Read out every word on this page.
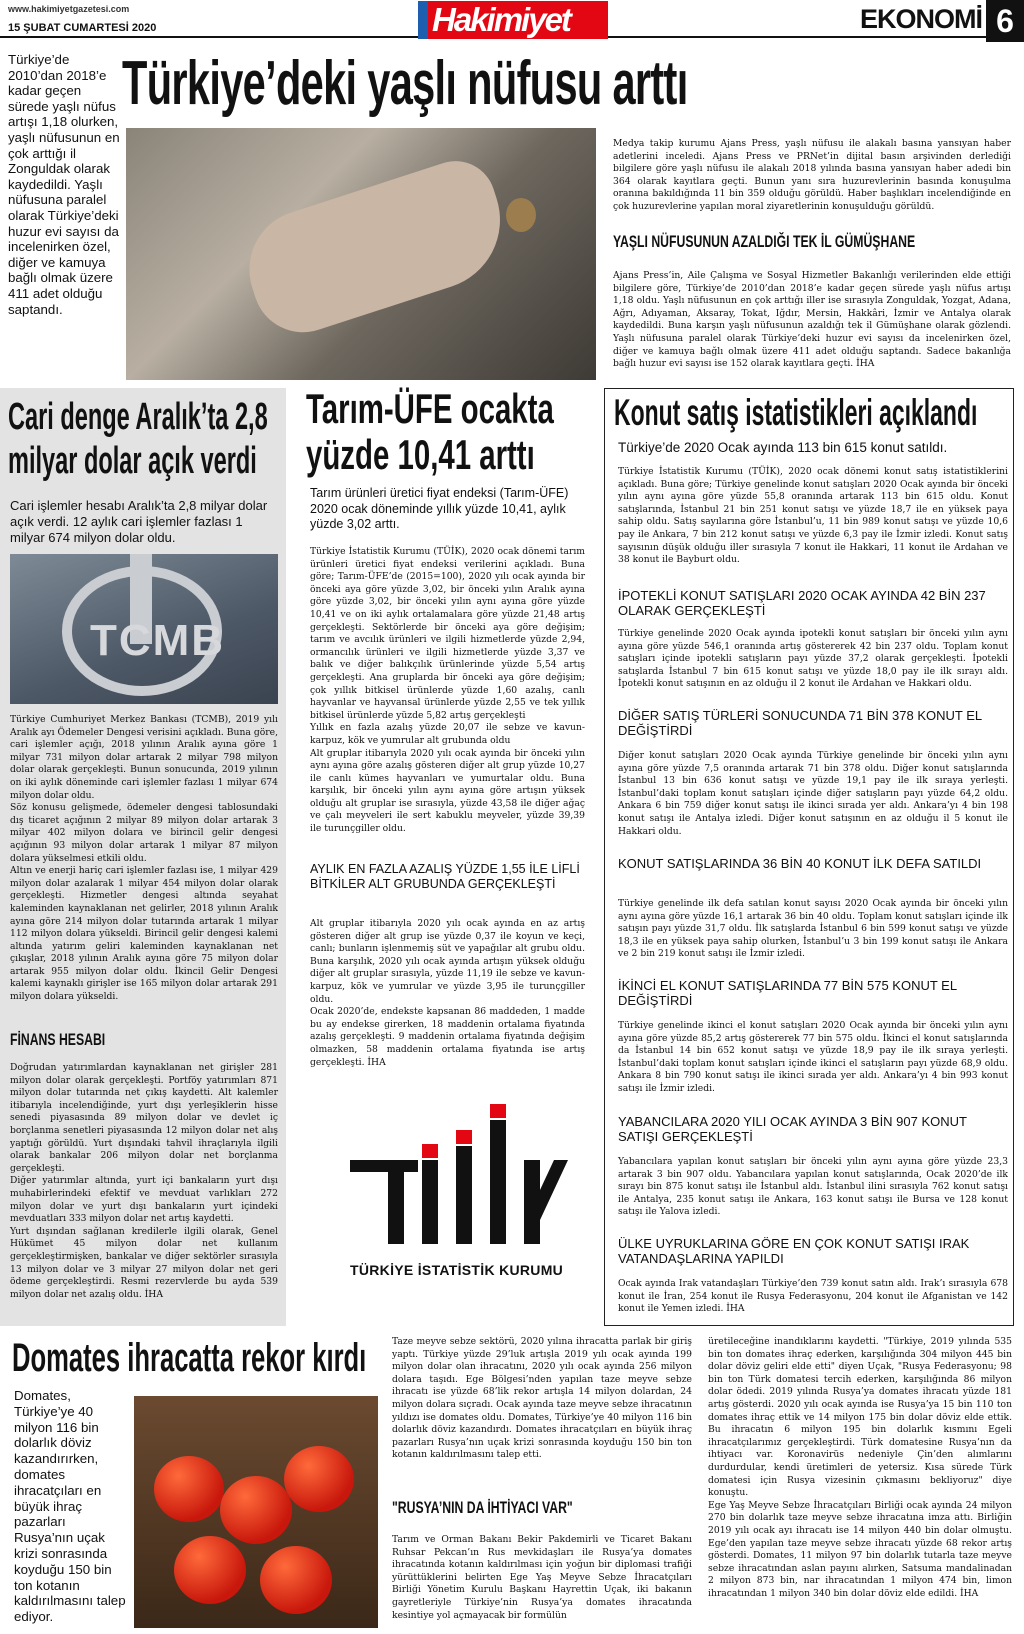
www.hakimiyetgazetesi.com
15 ŞUBAT CUMARTESİ 2020	Hakimiyet	EKONOMİ 6
Türkiye’de 2010’dan 2018’e kadar geçen sürede yaşlı nüfus artışı 1,18 olurken, yaşlı nüfusunun en çok arttığı il Zonguldak olarak kaydedildi. Yaşlı nüfusuna paralel olarak Türkiye’deki huzur evi sayısı da incelenirken özel, diğer ve kamuya bağlı olmak üzere 411 adet olduğu saptandı.
Türkiye’deki yaşlı nüfusu arttı
Medya takip kurumu Ajans Press, yaşlı nüfusu ile alakalı basına yansıyan haber adetlerini inceledi. Ajans Press ve PRNet’in dijital basın arşivinden derlediği bilgilere göre yaşlı nüfusu ile alakalı 2018 yılında basına yansıyan haber adedi bin 364 olarak kayıtlara geçti. Bunun yanı sıra huzurevlerinin basında konuşulma oranına bakıldığında 11 bin 359 olduğu görüldü. Haber başlıkları incelendiğinde en çok huzurevlerine yapılan moral ziyaretlerinin konuşulduğu görüldü.
YAŞLI NÜFUSUNUN AZALDIĞI TEK İL GÜMÜŞHANE
Ajans Press’in, Aile Çalışma ve Sosyal Hizmetler Bakanlığı verilerinden elde ettiği bilgilere göre, Türkiye’de 2010’dan 2018’e kadar geçen sürede yaşlı nüfus artışı 1,18 oldu. Yaşlı nüfusunun en çok arttığı iller ise sırasıyla Zonguldak, Yozgat, Adana, Ağrı, Adıyaman, Aksaray, Tokat, Iğdır, Mersin, Hakkâri, İzmir ve Antalya olarak kaydedildi. Buna karşın yaşlı nüfusunun azaldığı tek il Gümüşhane olarak gözlendi. Yaşlı nüfusuna paralel olarak Türkiye’deki huzur evi sayısı da incelenirken özel, diğer ve kamuya bağlı olmak üzere 411 adet olduğu saptandı. Sadece bakanlığa bağlı huzur evi sayısı ise 152 olarak kayıtlara geçti. İHA
Cari denge Aralık’ta 2,8
milyar dolar açık verdi
Cari işlemler hesabı Aralık’ta 2,8 milyar dolar açık verdi. 12 aylık cari işlemler fazlası 1 milyar 674 milyon dolar oldu.
TCMB
Türkiye Cumhuriyet Merkez Bankası (TCMB), 2019 yılı Aralık ayı Ödemeler Dengesi verisini açıkladı. Buna göre, cari işlemler açığı, 2018 yılının Aralık ayına göre 1 milyar 731 milyon dolar artarak 2 milyar 798 milyon dolar olarak gerçekleşti. Bunun sonucunda, 2019 yılının on iki aylık döneminde cari işlemler fazlası 1 milyar 674 milyon dolar oldu.
Söz konusu gelişmede, ödemeler dengesi tablosundaki dış ticaret açığının 2 milyar 89 milyon dolar artarak 3 milyar 402 milyon dolara ve birincil gelir dengesi açığının 93 milyon dolar artarak 1 milyar 87 milyon dolara yükselmesi etkili oldu.
Altın ve enerji hariç cari işlemler fazlası ise, 1 milyar 429 milyon dolar azalarak 1 milyar 454 milyon dolar olarak gerçekleşti. Hizmetler dengesi altında seyahat kaleminden kaynaklanan net gelirler, 2018 yılının Aralık ayına göre 214 milyon dolar tutarında artarak 1 milyar 112 milyon dolara yükseldi. Birincil gelir dengesi kalemi altında yatırım geliri kaleminden kaynaklanan net çıkışlar, 2018 yılının Aralık ayına göre 75 milyon dolar artarak 955 milyon dolar oldu. İkincil Gelir Dengesi kalemi kaynaklı girişler ise 165 milyon dolar artarak 291 milyon dolara yükseldi.
FİNANS HESABI
Doğrudan yatırımlardan kaynaklanan net girişler 281 milyon dolar olarak gerçekleşti. Portföy yatırımları 871 milyon dolar tutarında net çıkış kaydetti. Alt kalemler itibarıyla incelendiğinde, yurt dışı yerleşiklerin hisse senedi piyasasında 89 milyon dolar ve devlet iç borçlanma senetleri piyasasında 12 milyon dolar net alış yaptığı görüldü. Yurt dışındaki tahvil ihraçlarıyla ilgili olarak bankalar 206 milyon dolar net borçlanma gerçekleşti.
Diğer yatırımlar altında, yurt içi bankaların yurt dışı muhabirlerindeki efektif ve mevduat varlıkları 272 milyon dolar ve yurt dışı bankaların yurt içindeki mevduatları 333 milyon dolar net artış kaydetti.
Yurt dışından sağlanan kredilerle ilgili olarak, Genel Hükümet 45 milyon dolar net kullanım gerçekleştirmişken, bankalar ve diğer sektörler sırasıyla 13 milyon dolar ve 3 milyar 27 milyon dolar net geri ödeme gerçekleştirdi. Resmi rezervlerde bu ayda 539 milyon dolar net azalış oldu. İHA
Tarım-ÜFE ocakta
yüzde 10,41 arttı
Tarım ürünleri üretici fiyat endeksi (Tarım-ÜFE) 2020 ocak döneminde yıllık yüzde 10,41, aylık yüzde 3,02 arttı.
Türkiye İstatistik Kurumu (TÜİK), 2020 ocak dönemi tarım ürünleri üretici fiyat endeksi verilerini açıkladı. Buna göre; Tarım-ÜFE’de (2015=100), 2020 yılı ocak ayında bir önceki aya göre yüzde 3,02, bir önceki yılın Aralık ayına göre yüzde 3,02, bir önceki yılın aynı ayına göre yüzde 10,41 ve on iki aylık ortalamalara göre yüzde 21,48 artış gerçekleşti. Sektörlerde bir önceki aya göre değişim; tarım ve avcılık ürünleri ve ilgili hizmetlerde yüzde 2,94, ormancılık ürünleri ve ilgili hizmetlerde yüzde 3,37 ve balık ve diğer balıkçılık ürünlerinde yüzde 5,54 artış gerçekleşti. Ana gruplarda bir önceki aya göre değişim; çok yıllık bitkisel ürünlerde yüzde 1,60 azalış, canlı hayvanlar ve hayvansal ürünlerde yüzde 2,55 ve tek yıllık bitkisel ürünlerde yüzde 5,82 artış gerçekleşti
Yıllık en fazla azalış yüzde 20,07 ile sebze ve kavun-karpuz, kök ve yumrular alt grubunda oldu
Alt gruplar itibarıyla 2020 yılı ocak ayında bir önceki yılın aynı ayına göre azalış gösteren diğer alt grup yüzde 10,27 ile canlı kümes hayvanları ve yumurtalar oldu. Buna karşılık, bir önceki yılın aynı ayına göre artışın yüksek olduğu alt gruplar ise sırasıyla, yüzde 43,58 ile diğer ağaç ve çalı meyveleri ile sert kabuklu meyveler, yüzde 39,39 ile turunçgiller oldu.
AYLIK EN FAZLA AZALIŞ YÜZDE 1,55 İLE LİFLİ BİTKİLER ALT GRUBUNDA GERÇEKLEŞTİ
Alt gruplar itibarıyla 2020 yılı ocak ayında en az artış gösteren diğer alt grup ise yüzde 0,37 ile koyun ve keçi, canlı; bunların işlenmemiş süt ve yapağılar alt grubu oldu. Buna karşılık, 2020 yılı ocak ayında artışın yüksek olduğu diğer alt gruplar sırasıyla, yüzde 11,19 ile sebze ve kavun-karpuz, kök ve yumrular ve yüzde 3,95 ile turunçgiller oldu.
Ocak 2020’de, endekste kapsanan 86 maddeden, 1 madde bu ay endekse girerken, 18 maddenin ortalama fiyatında azalış gerçekleşti. 9 maddenin ortalama fiyatında değişim olmazken, 58 maddenin ortalama fiyatında ise artış gerçekleşti. İHA
TÜRKİYE İSTATİSTİK KURUMU
Konut satış istatistikleri açıklandı
Türkiye’de 2020 Ocak ayında 113 bin 615 konut satıldı.
Türkiye İstatistik Kurumu (TÜİK), 2020 ocak dönemi konut satış istatistiklerini açıkladı. Buna göre; Türkiye genelinde konut satışları 2020 Ocak ayında bir önceki yılın aynı ayına göre yüzde 55,8 oranında artarak 113 bin 615 oldu. Konut satışlarında, İstanbul 21 bin 251 konut satışı ve yüzde 18,7 ile en yüksek paya sahip oldu. Satış sayılarına göre İstanbul’u, 11 bin 989 konut satışı ve yüzde 10,6 pay ile Ankara, 7 bin 212 konut satışı ve yüzde 6,3 pay ile İzmir izledi. Konut satış sayısının düşük olduğu iller sırasıyla 7 konut ile Hakkari, 11 konut ile Ardahan ve 38 konut ile Bayburt oldu.
İPOTEKLİ KONUT SATIŞLARI 2020 OCAK AYINDA 42 BİN 237 OLARAK GERÇEKLEŞTİ
Türkiye genelinde 2020 Ocak ayında ipotekli konut satışları bir önceki yılın aynı ayına göre yüzde 546,1 oranında artış göstererek 42 bin 237 oldu. Toplam konut satışları içinde ipotekli satışların payı yüzde 37,2 olarak gerçekleşti. İpotekli satışlarda İstanbul 7 bin 615 konut satışı ve yüzde 18,0 pay ile ilk sırayı aldı. İpotekli konut satışının en az olduğu il 2 konut ile Ardahan ve Hakkari oldu.
DİĞER SATIŞ TÜRLERİ SONUCUNDA 71 BİN 378 KONUT EL DEĞİŞTİRDİ
Diğer konut satışları 2020 Ocak ayında Türkiye genelinde bir önceki yılın aynı ayına göre yüzde 7,5 oranında artarak 71 bin 378 oldu. Diğer konut satışlarında İstanbul 13 bin 636 konut satışı ve yüzde 19,1 pay ile ilk sıraya yerleşti. İstanbul’daki toplam konut satışları içinde diğer satışların payı yüzde 64,2 oldu. Ankara 6 bin 759 diğer konut satışı ile ikinci sırada yer aldı. Ankara’yı 4 bin 198 konut satışı ile Antalya izledi. Diğer konut satışının en az olduğu il 5 konut ile Hakkari oldu.
KONUT SATIŞLARINDA 36 BİN 40 KONUT İLK DEFA SATILDI
Türkiye genelinde ilk defa satılan konut sayısı 2020 Ocak ayında bir önceki yılın aynı ayına göre yüzde 16,1 artarak 36 bin 40 oldu. Toplam konut satışları içinde ilk satışın payı yüzde 31,7 oldu. İlk satışlarda İstanbul 6 bin 599 konut satışı ve yüzde 18,3 ile en yüksek paya sahip olurken, İstanbul’u 3 bin 199 konut satışı ile Ankara ve 2 bin 219 konut satışı ile İzmir izledi.
İKİNCİ EL KONUT SATIŞLARINDA 77 BİN 575 KONUT EL DEĞİŞTİRDİ
Türkiye genelinde ikinci el konut satışları 2020 Ocak ayında bir önceki yılın aynı ayına göre yüzde 85,2 artış göstererek 77 bin 575 oldu. İkinci el konut satışlarında da İstanbul 14 bin 652 konut satışı ve yüzde 18,9 pay ile ilk sıraya yerleşti. İstanbul’daki toplam konut satışları içinde ikinci el satışların payı yüzde 68,9 oldu. Ankara 8 bin 790 konut satışı ile ikinci sırada yer aldı. Ankara’yı 4 bin 993 konut satışı ile İzmir izledi.
YABANCILARA 2020 YILI OCAK AYINDA 3 BİN 907 KONUT SATIŞI GERÇEKLEŞTİ
Yabancılara yapılan konut satışları bir önceki yılın aynı ayına göre yüzde 23,3 artarak 3 bin 907 oldu. Yabancılara yapılan konut satışlarında, Ocak 2020’de ilk sırayı bin 875 konut satışı ile İstanbul aldı. İstanbul ilini sırasıyla 762 konut satışı ile Antalya, 235 konut satışı ile Ankara, 163 konut satışı ile Bursa ve 128 konut satışı ile Yalova izledi.
ÜLKE UYRUKLARINA GÖRE EN ÇOK KONUT SATIŞI IRAK VATANDAŞLARINA YAPILDI
Ocak ayında Irak vatandaşları Türkiye’den 739 konut satın aldı. Irak’ı sırasıyla 678 konut ile İran, 254 konut ile Rusya Federasyonu, 204 konut ile Afganistan ve 142 konut ile Yemen izledi. İHA
Domates ihracatta rekor kırdı
Domates, Türkiye’ye 40 milyon 116 bin dolarlık döviz kazandırırken, domates ihracatçıları en büyük ihraç pazarları Rusya’nın uçak krizi sonrasında koyduğu 150 bin ton kotanın kaldırılmasını talep ediyor.
Taze meyve sebze sektörü, 2020 yılına ihracatta parlak bir giriş yaptı. Türkiye yüzde 29’luk artışla 2019 yılı ocak ayında 199 milyon dolar olan ihracatını, 2020 yılı ocak ayında 256 milyon dolara taşıdı. Ege Bölgesi’nden yapılan taze meyve sebze ihracatı ise yüzde 68’lik rekor artışla 14 milyon dolardan, 24 milyon dolara sıçradı. Ocak ayında taze meyve sebze ihracatının yıldızı ise domates oldu. Domates, Türkiye’ye 40 milyon 116 bin dolarlık döviz kazandırdı. Domates ihracatçıları en büyük ihraç pazarları Rusya’nın uçak krizi sonrasında koyduğu 150 bin ton kotanın kaldırılmasını talep etti.
"RUSYA’NIN DA İHTİYACI VAR"
Tarım ve Orman Bakanı Bekir Pakdemirli ve Ticaret Bakanı Ruhsar Pekcan’ın Rus mevkidaşları ile Rusya’ya domates ihracatında kotanın kaldırılması için yoğun bir diplomasi trafiği yürüttüklerini belirten Ege Yaş Meyve Sebze İhracatçıları Birliği Yönetim Kurulu Başkanı Hayrettin Uçak, iki bakanın gayretleriyle Türkiye’nin Rusya’ya domates ihracatında kesintiye yol açmayacak bir formülün
üretileceğine inandıklarını kaydetti. "Türkiye, 2019 yılında 535 bin ton domates ihraç ederken, karşılığında 304 milyon 445 bin dolar döviz geliri elde etti" diyen Uçak, "Rusya Federasyonu; 98 bin ton Türk domatesi tercih ederken, karşılığında 86 milyon dolar ödedi. 2019 yılında Rusya’ya domates ihracatı yüzde 181 artış gösterdi. 2020 yılı ocak ayında ise Rusya’ya 15 bin 110 ton domates ihraç ettik ve 14 milyon 175 bin dolar döviz elde ettik. Bu ihracatın 6 milyon 195 bin dolarlık kısmını Egeli ihracatçılarımız gerçekleştirdi. Türk domatesine Rusya’nın da ihtiyacı var. Koronavirüs nedeniyle Çin’den alımlarını durdurdular, kendi üretimleri de yetersiz. Kısa sürede Türk domatesi için Rusya vizesinin çıkmasını bekliyoruz" diye konuştu.
Ege Yaş Meyve Sebze İhracatçıları Birliği ocak ayında 24 milyon 270 bin dolarlık taze meyve sebze ihracatına imza attı. Birliğin 2019 yılı ocak ayı ihracatı ise 14 milyon 440 bin dolar olmuştu. Ege’den yapılan taze meyve sebze ihracatı yüzde 68 rekor artış gösterdi. Domates, 11 milyon 97 bin dolarlık tutarla taze meyve sebze ihracatından aslan payını alırken, Satsuma mandalinadan 2 milyon 873 bin, nar ihracatından 1 milyon 474 bin, limon ihracatından 1 milyon 340 bin dolar döviz elde edildi. İHA
